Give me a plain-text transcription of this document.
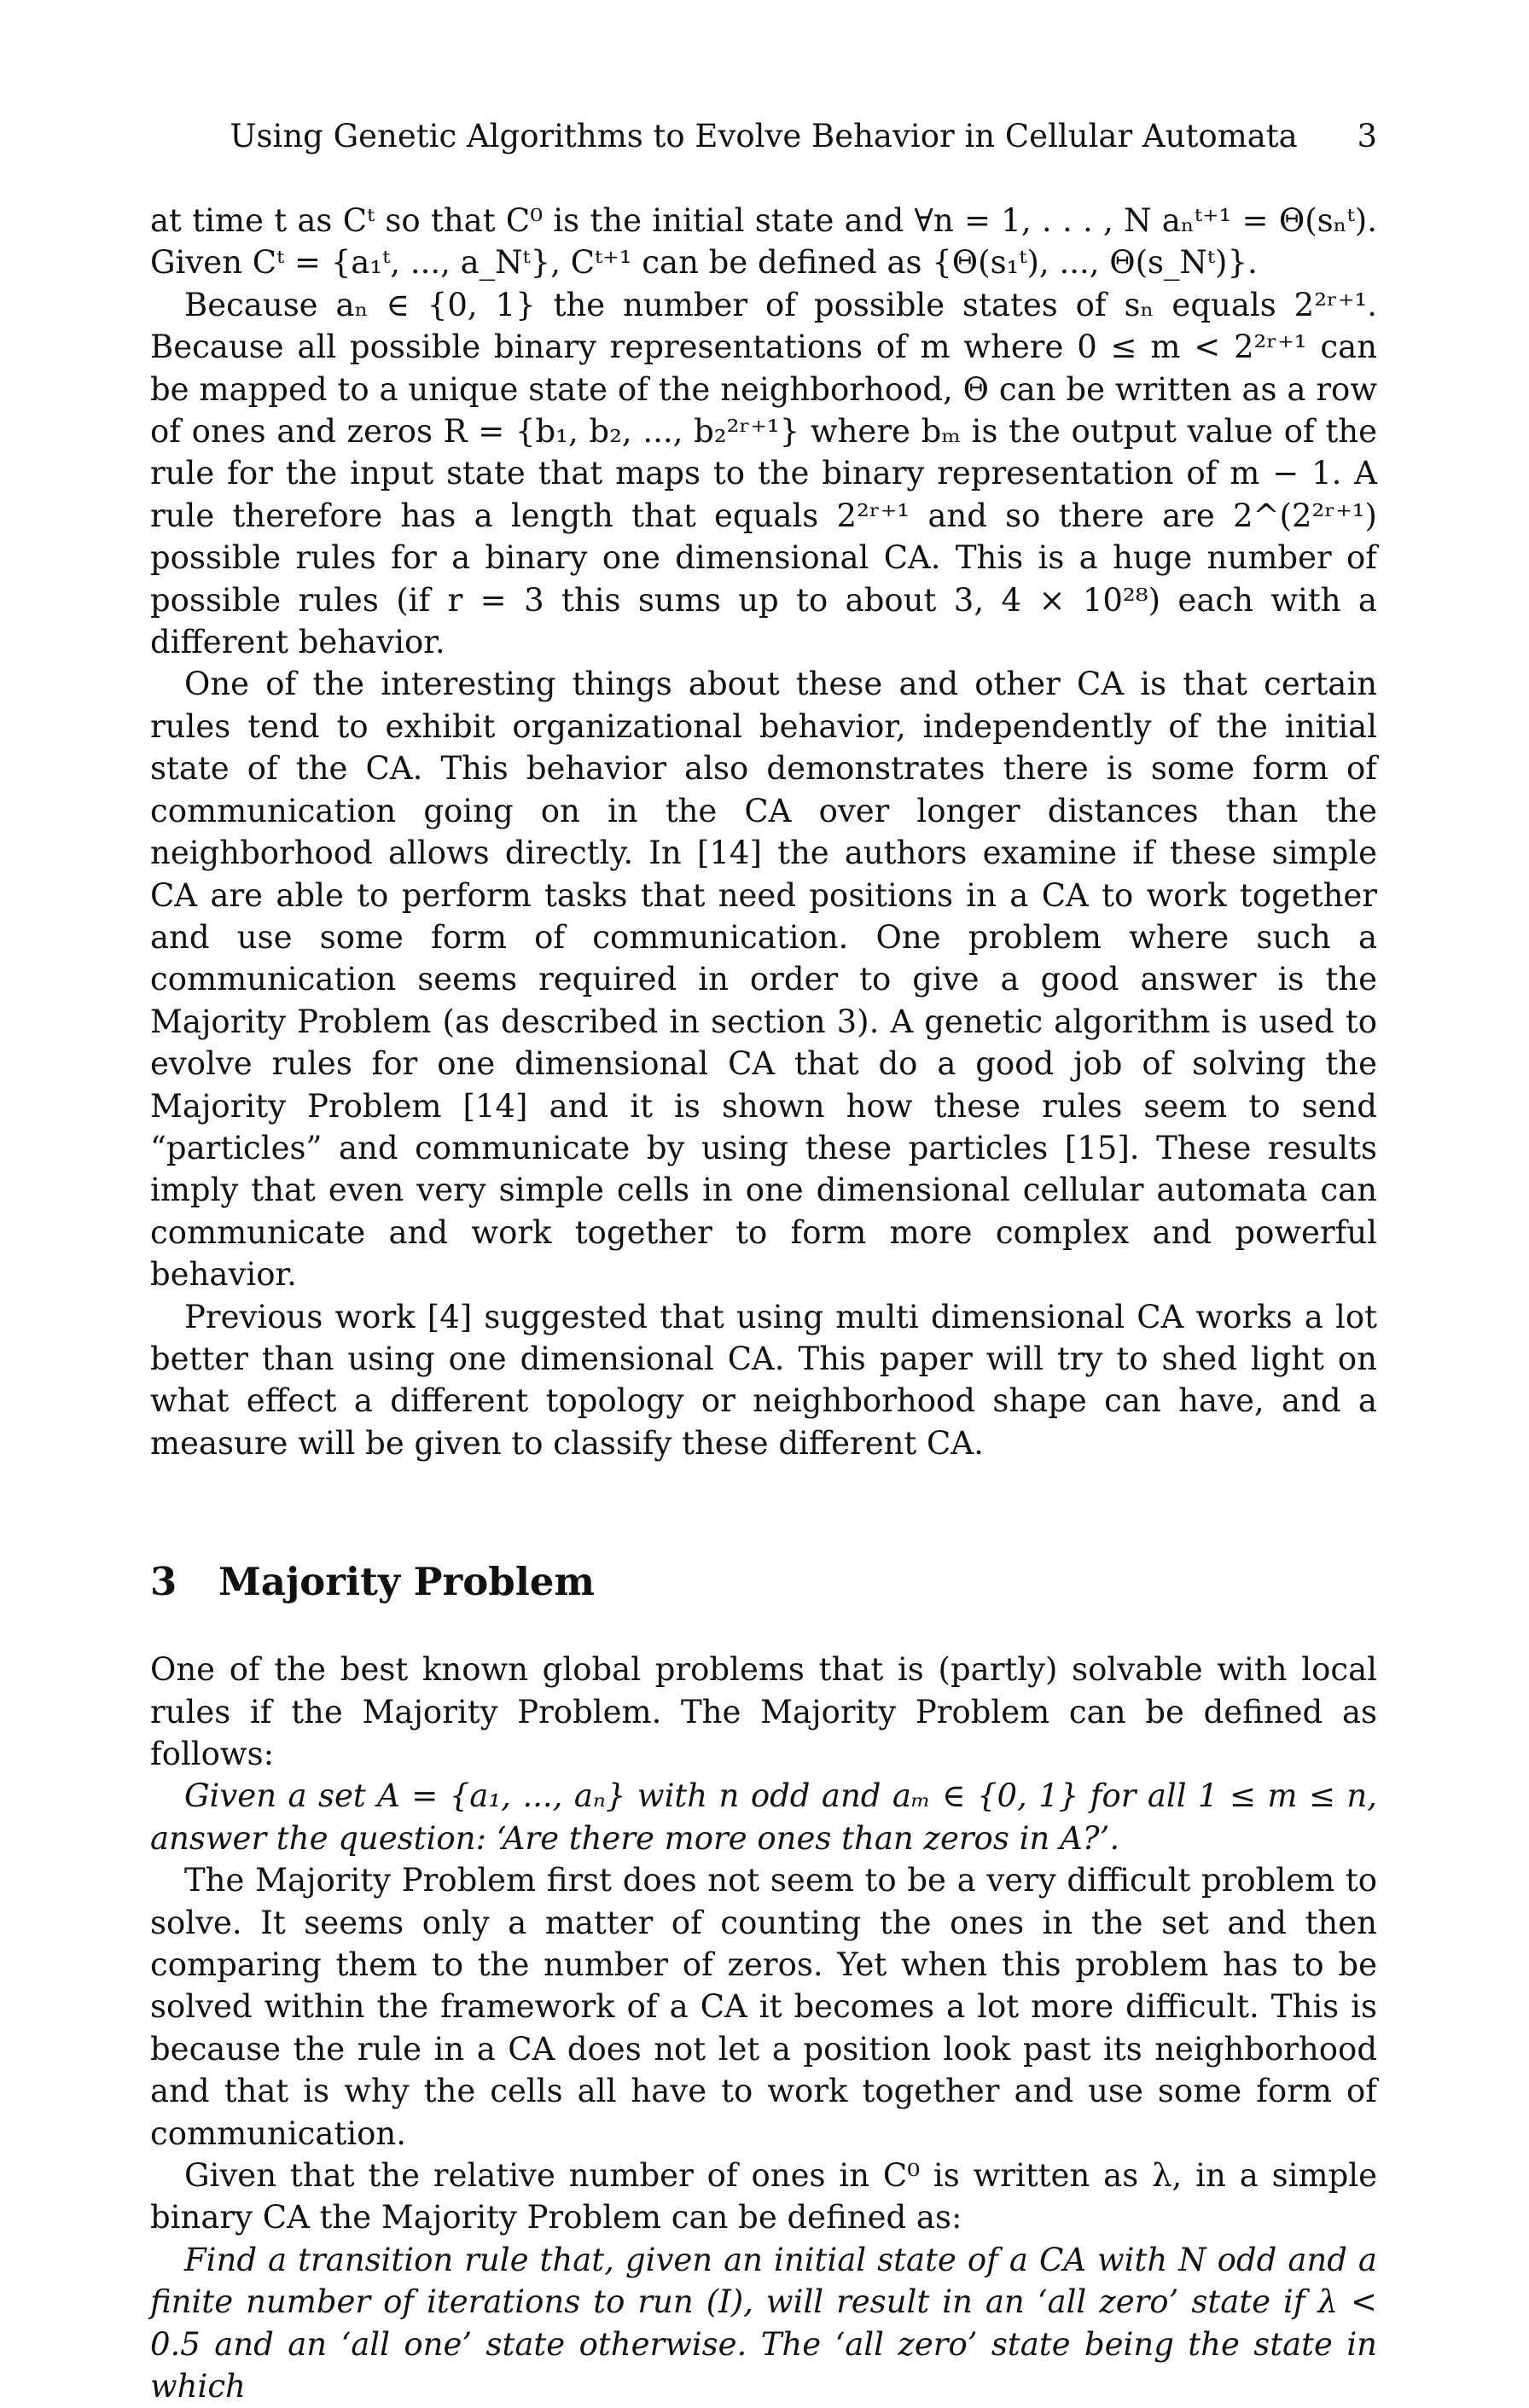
Using Genetic Algorithms to Evolve Behavior in Cellular Automata 3

at time t as Cᵗ so that C⁰ is the initial state and ∀n = 1, . . . , N aₙᵗ⁺¹ = Θ(sₙᵗ). Given Cᵗ = {a₁ᵗ, ..., a_Nᵗ}, Cᵗ⁺¹ can be defined as {Θ(s₁ᵗ), ..., Θ(s_Nᵗ)}.

Because aₙ ∈ {0, 1} the number of possible states of sₙ equals 2²ʳ⁺¹. Because all possible binary representations of m where 0 ≤ m < 2²ʳ⁺¹ can be mapped to a unique state of the neighborhood, Θ can be written as a row of ones and zeros R = {b₁, b₂, ..., b₂²ʳ⁺¹} where bₘ is the output value of the rule for the input state that maps to the binary representation of m − 1. A rule therefore has a length that equals 2²ʳ⁺¹ and so there are 2^(2²ʳ⁺¹) possible rules for a binary one dimensional CA. This is a huge number of possible rules (if r = 3 this sums up to about 3, 4 × 10²⁸) each with a different behavior.

One of the interesting things about these and other CA is that certain rules tend to exhibit organizational behavior, independently of the initial state of the CA. This behavior also demonstrates there is some form of communication going on in the CA over longer distances than the neighborhood allows directly. In [14] the authors examine if these simple CA are able to perform tasks that need positions in a CA to work together and use some form of communication. One problem where such a communication seems required in order to give a good answer is the Majority Problem (as described in section 3). A genetic algorithm is used to evolve rules for one dimensional CA that do a good job of solving the Majority Problem [14] and it is shown how these rules seem to send “particles” and communicate by using these particles [15]. These results imply that even very simple cells in one dimensional cellular automata can communicate and work together to form more complex and powerful behavior.

Previous work [4] suggested that using multi dimensional CA works a lot better than using one dimensional CA. This paper will try to shed light on what effect a different topology or neighborhood shape can have, and a measure will be given to classify these different CA.

3 Majority Problem

One of the best known global problems that is (partly) solvable with local rules if the Majority Problem. The Majority Problem can be defined as follows:

Given a set A = {a₁, ..., aₙ} with n odd and aₘ ∈ {0, 1} for all 1 ≤ m ≤ n, answer the question: ‘Are there more ones than zeros in A?’.

The Majority Problem first does not seem to be a very difficult problem to solve. It seems only a matter of counting the ones in the set and then comparing them to the number of zeros. Yet when this problem has to be solved within the framework of a CA it becomes a lot more difficult. This is because the rule in a CA does not let a position look past its neighborhood and that is why the cells all have to work together and use some form of communication.

Given that the relative number of ones in C⁰ is written as λ, in a simple binary CA the Majority Problem can be defined as:

Find a transition rule that, given an initial state of a CA with N odd and a finite number of iterations to run (I), will result in an ‘all zero’ state if λ < 0.5 and an ‘all one’ state otherwise. The ‘all zero’ state being the state in which
